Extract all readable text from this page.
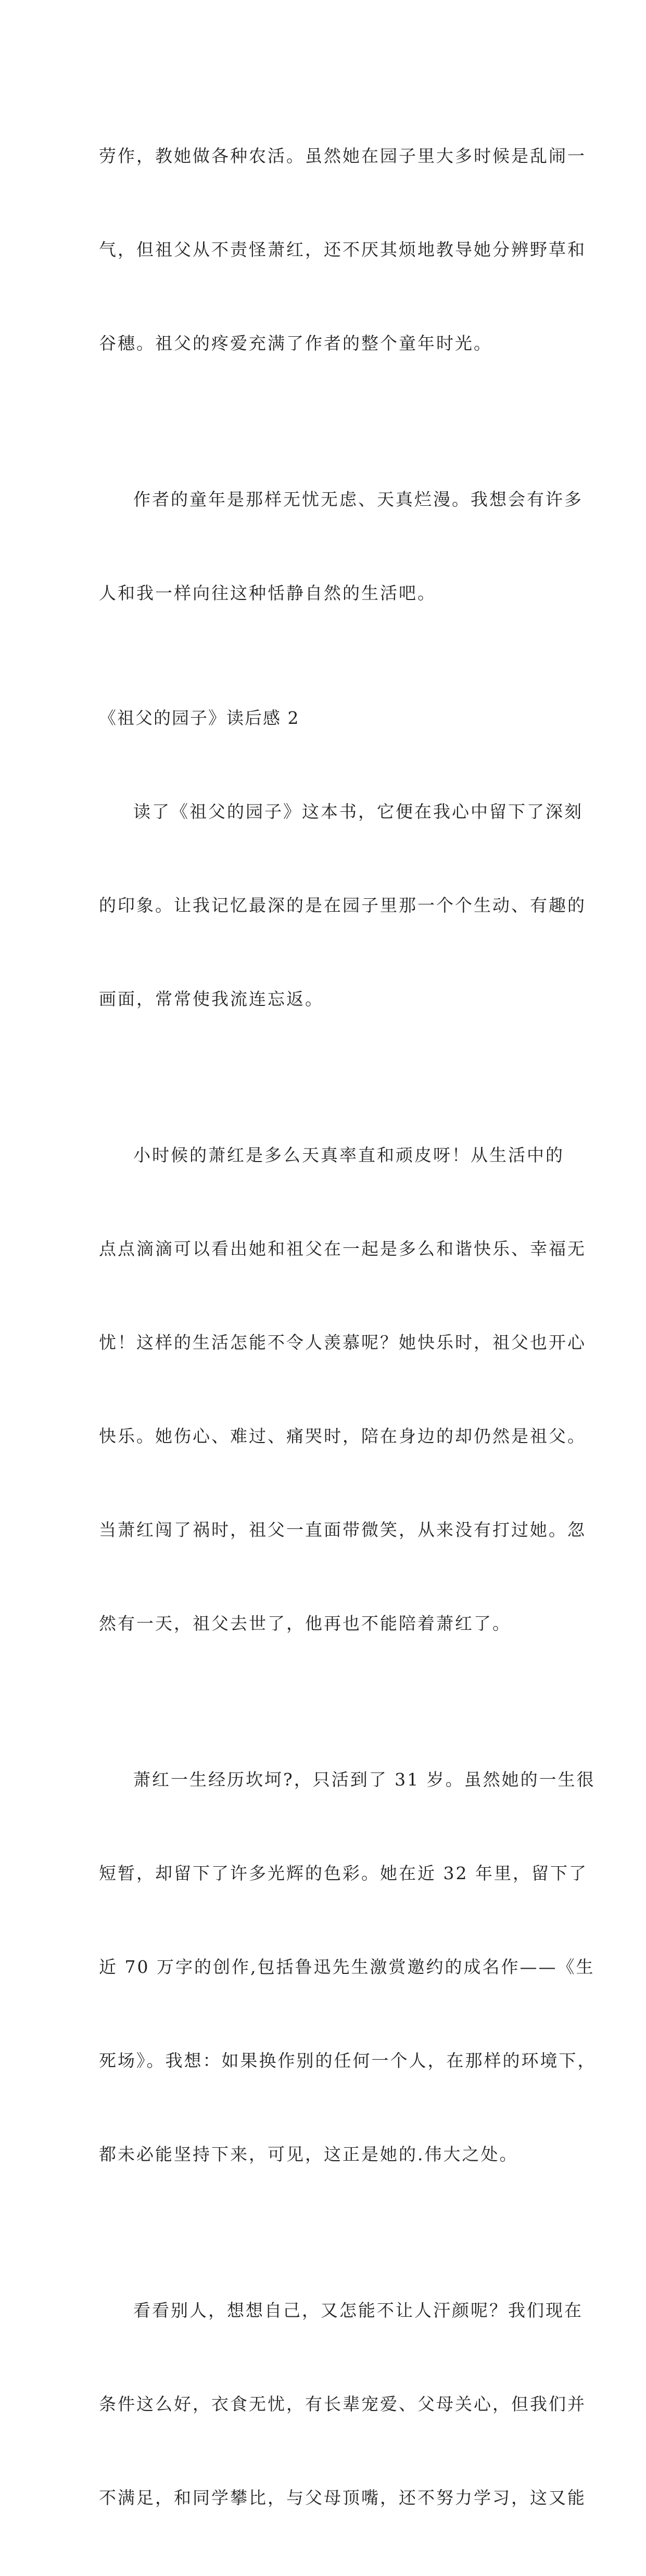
劳作，教她做各种农活。虽然她在园子里大多时候是乱闹一

气，但祖父从不责怪萧红，还不厌其烦地教导她分辨野草和

谷穗。祖父的疼爱充满了作者的整个童年时光。

作者的童年是那样无忧无虑、天真烂漫。我想会有许多

人和我一样向往这种恬静自然的生活吧。

《祖父的园子》读后感 2

读了《祖父的园子》这本书，它便在我心中留下了深刻

的印象。让我记忆最深的是在园子里那一个个生动、有趣的

画面，常常使我流连忘返。

小时候的萧红是多么天真率直和顽皮呀！从生活中的

点点滴滴可以看出她和祖父在一起是多么和谐快乐、幸福无

忧！这样的生活怎能不令人羡慕呢？她快乐时，祖父也开心

快乐。她伤心、难过、痛哭时，陪在身边的却仍然是祖父。

当萧红闯了祸时，祖父一直面带微笑，从来没有打过她。忽

然有一天，祖父去世了，他再也不能陪着萧红了。

萧红一生经历坎坷?，只活到了 31 岁。虽然她的一生很

短暂，却留下了许多光辉的色彩。她在近 32 年里，留下了

近 70 万字的创作,包括鲁迅先生激赏邀约的成名作——《生

死场》。我想：如果换作别的任何一个人，在那样的环境下，

都未必能坚持下来，可见，这正是她的.伟大之处。

看看别人，想想自己，又怎能不让人汗颜呢？我们现在

条件这么好，衣食无忧，有长辈宠爱、父母关心，但我们并

不满足，和同学攀比，与父母顶嘴，还不努力学习，这又能
